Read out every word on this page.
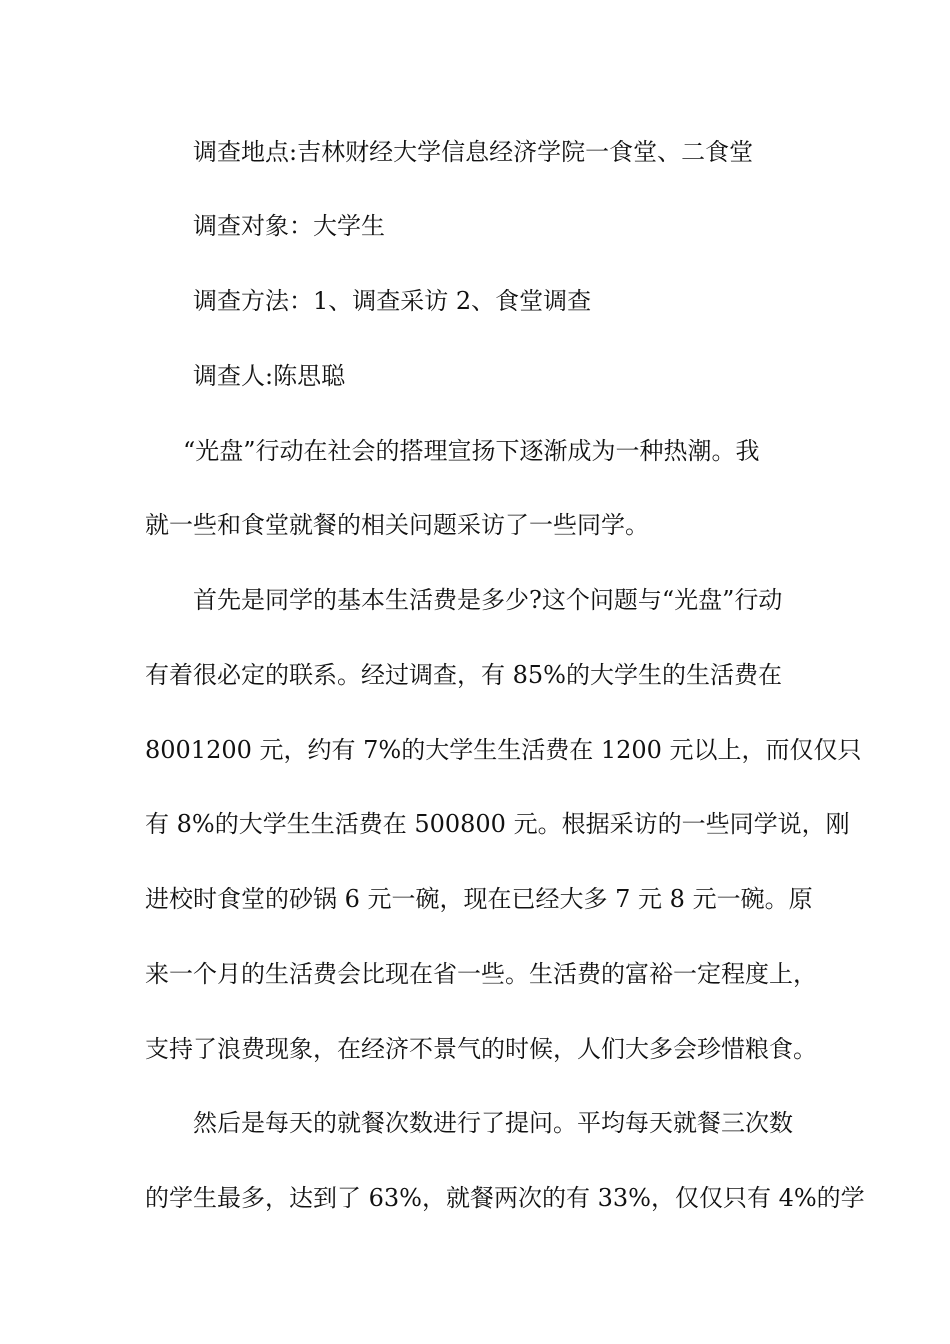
调查地点:吉林财经大学信息经济学院一食堂、二食堂
调查对象：大学生
调查方法：1、调查采访 2、食堂调查
调查人:陈思聪
“光盘”行动在社会的搭理宣扬下逐渐成为一种热潮。我
就一些和食堂就餐的相关问题采访了一些同学。
首先是同学的基本生活费是多少?这个问题与“光盘”行动
有着很必定的联系。经过调查，有 85%的大学生的生活费在
8001200 元，约有 7%的大学生生活费在 1200 元以上，而仅仅只
有 8%的大学生生活费在 500800 元。根据采访的一些同学说，刚
进校时食堂的砂锅 6 元一碗，现在已经大多 7 元 8 元一碗。原
来一个月的生活费会比现在省一些。生活费的富裕一定程度上，
支持了浪费现象，在经济不景气的时候，人们大多会珍惜粮食。
然后是每天的就餐次数进行了提问。平均每天就餐三次数
的学生最多，达到了 63%，就餐两次的有 33%，仅仅只有 4%的学
